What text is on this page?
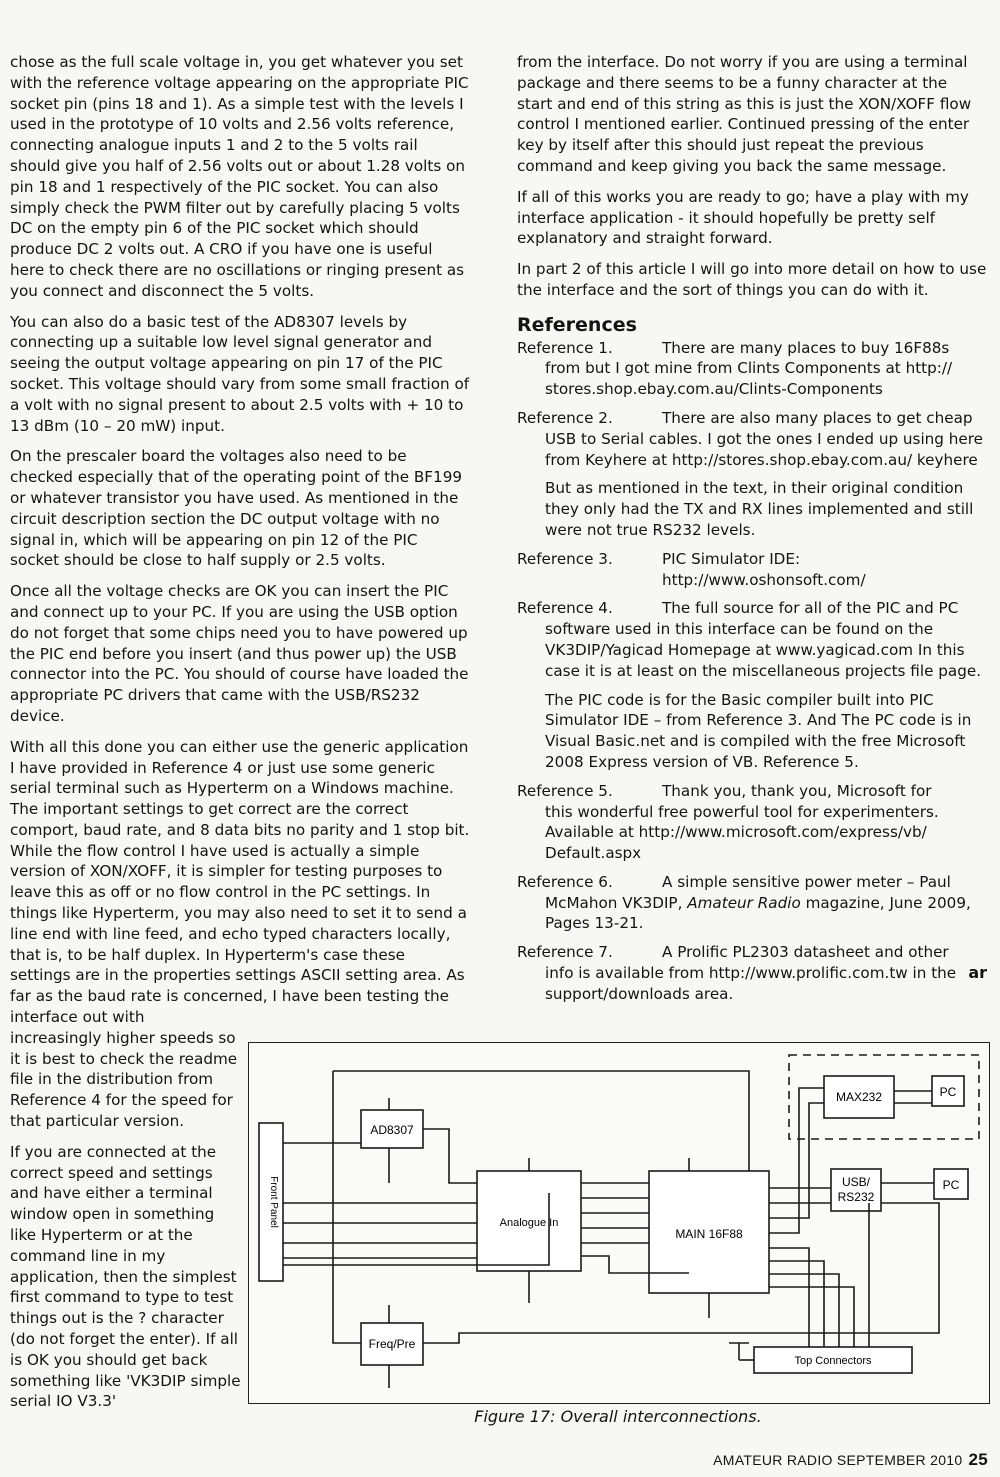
chose as the full scale voltage in, you get whatever you set with the reference voltage appearing on the appropriate PIC socket pin (pins 18 and 1). As a simple test with the levels I used in the prototype of 10 volts and 2.56 volts reference, connecting analogue inputs 1 and 2 to the 5 volts rail should give you half of 2.56 volts out or about 1.28 volts on pin 18 and 1 respectively of the PIC socket. You can also simply check the PWM filter out by carefully placing 5 volts DC on the empty pin 6 of the PIC socket which should produce DC 2 volts out. A CRO if you have one is useful here to check there are no oscillations or ringing present as you connect and disconnect the 5 volts.

You can also do a basic test of the AD8307 levels by connecting up a suitable low level signal generator and seeing the output voltage appearing on pin 17 of the PIC socket. This voltage should vary from some small fraction of a volt with no signal present to about 2.5 volts with + 10 to 13 dBm (10 – 20 mW) input.

On the prescaler board the voltages also need to be checked especially that of the operating point of the BF199 or whatever transistor you have used. As mentioned in the circuit description section the DC output voltage with no signal in, which will be appearing on pin 12 of the PIC socket should be close to half supply or 2.5 volts.

Once all the voltage checks are OK you can insert the PIC and connect up to your PC. If you are using the USB option do not forget that some chips need you to have powered up the PIC end before you insert (and thus power up) the USB connector into the PC. You should of course have loaded the appropriate PC drivers that came with the USB/RS232 device.

With all this done you can either use the generic application I have provided in Reference 4 or just use some generic serial terminal such as Hyperterm on a Windows machine. The important settings to get correct are the correct comport, baud rate, and 8 data bits no parity and 1 stop bit. While the flow control I have used is actually a simple version of XON/XOFF, it is simpler for testing purposes to leave this as off or no flow control in the PC settings. In things like Hyperterm, you may also need to set it to send a line end with line feed, and echo typed characters locally, that is, to be half duplex. In Hyperterm's case these settings are in the properties settings ASCII setting area. As far as the baud rate is concerned, I have been testing the interface out with

increasingly higher speeds so it is best to check the readme file in the distribution from Reference 4 for the speed for that particular version.

If you are connected at the correct speed and settings and have either a terminal window open in something like Hyperterm or at the command line in my application, then the simplest first command to type to test things out is the ? character (do not forget the enter). If all is OK you should get back something like 'VK3DIP simple serial IO V3.3'

from the interface. Do not worry if you are using a terminal package and there seems to be a funny character at the start and end of this string as this is just the XON/XOFF flow control I mentioned earlier. Continued pressing of the enter key by itself after this should just repeat the previous command and keep giving you back the same message.

If all of this works you are ready to go; have a play with my interface application - it should hopefully be pretty self explanatory and straight forward.

In part 2 of this article I will go into more detail on how to use the interface and the sort of things you can do with it.

References
Reference 1.	There are many places to buy 16F88s
from but I got mine from Clints Components at http:// stores.shop.ebay.com.au/Clints-Components
Reference 2.	There are also many places to get cheap
USB to Serial cables. I got the ones I ended up using here from Keyhere at http://stores.shop.ebay.com.au/ keyhere
But as mentioned in the text, in their original condition they only had the TX and RX lines implemented and still were not true RS232 levels.
Reference 3.	PIC Simulator IDE:
http://www.oshonsoft.com/
Reference 4.	The full source for all of the PIC and PC
software used in this interface can be found on the VK3DIP/Yagicad Homepage at www.yagicad.com In this case it is at least on the miscellaneous projects file page.
The PIC code is for the Basic compiler built into PIC Simulator IDE – from Reference 3. And The PC code is in Visual Basic.net and is compiled with the free Microsoft 2008 Express version of VB. Reference 5.
Reference 5.	Thank you, thank you, Microsoft for
this wonderful free powerful tool for experimenters. Available at http://www.microsoft.com/express/vb/ Default.aspx
Reference 6.	A simple sensitive power meter – Paul
McMahon VK3DIP, Amateur Radio magazine, June 2009, Pages 13-21.
Reference 7.	A Prolific PL2303 datasheet and other
ar
info is available from http://www.prolific.com.tw in the support/downloads area.
Front Panel
AD8307
Analogue In
MAIN 16F88
Freq/Pre
MAX232
USB/
RS232
PC
PC
Top Connectors
Figure 17: Overall interconnections.
AMATEUR RADIO SEPTEMBER 2010 25
